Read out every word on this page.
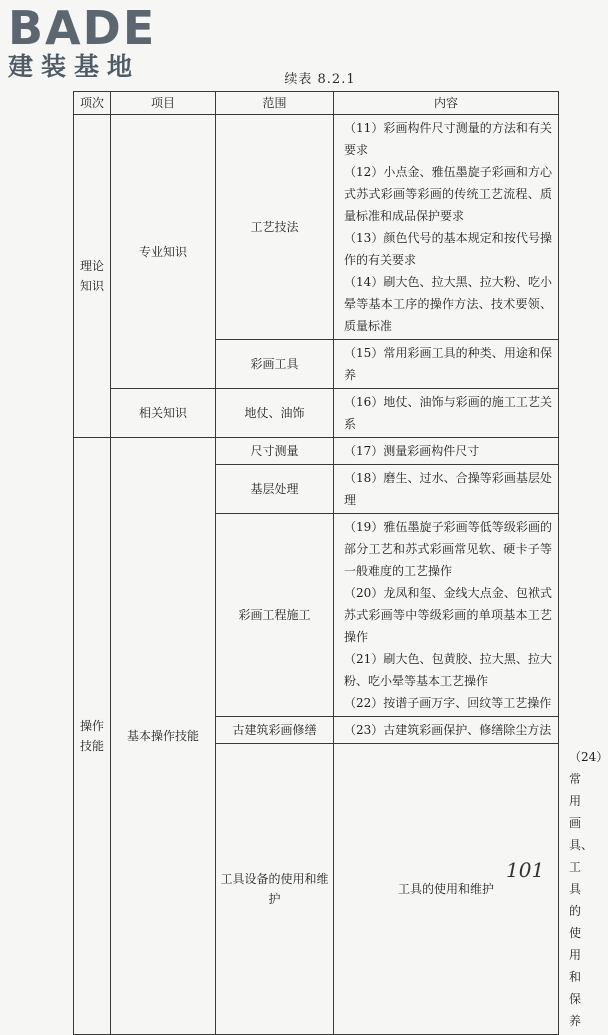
BADE
建装基地	续表 8.2.1
项次	项目	范围	内容	
理论知识	专业知识	工艺技法	（11）彩画构件尺寸测量的方法和有关要求

（12）小点金、雅伍墨旋子彩画和方心式苏式彩画等彩画的传统工艺流程、质量标准和成品保护要求

（13）颜色代号的基本规定和按代号操作的有关要求

（14）刷大色、拉大黑、拉大粉、吃小晕等基本工序的操作方法、技术要领、质量标准	

		彩画工具	（15）常用彩画工具的种类、用途和保养	

	相关知识	地仗、油饰	（16）地仗、油饰与彩画的施工工艺关系	

操作技能	基本操作技能	尺寸测量	（17）测量彩画构件尺寸	

		基层处理	（18）磨生、过水、合操等彩画基层处理	

		彩画工程施工	（19）雅伍墨旋子彩画等低等级彩画的部分工艺和苏式彩画常见软、硬卡子等一般难度的工艺操作

（20）龙凤和玺、金线大点金、包袱式苏式彩画等中等级彩画的单项基本工艺操作

（21）刷大色、包黄胶、拉大黑、拉大粉、吃小晕等基本工艺操作

（22）按谱子画万字、回纹等工艺操作	

		古建筑彩画修缮	（23）古建筑彩画保护、修缮除尘方法	

		工具设备的使用和维护	工具的使用和维护	（24）常用画具、工具的使用和保养

101
